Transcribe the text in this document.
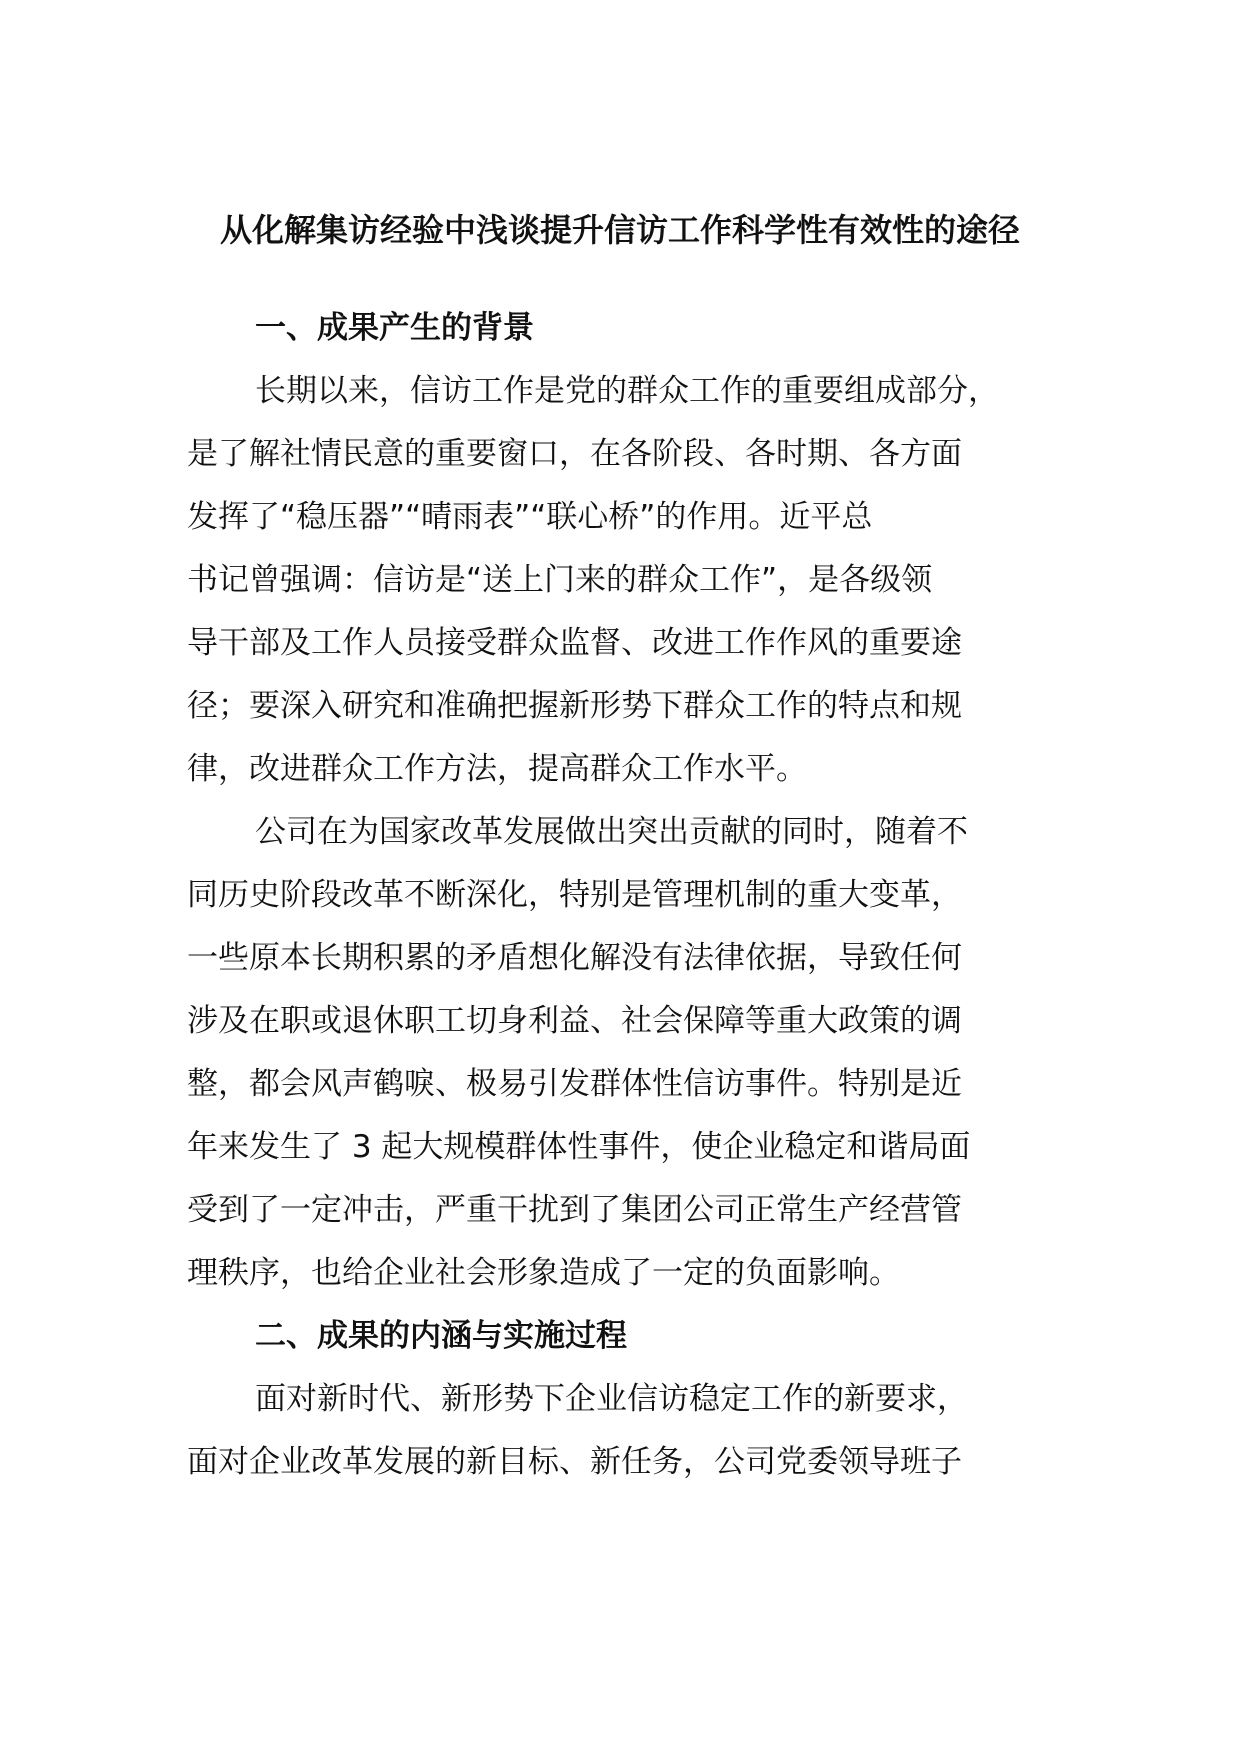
从化解集访经验中浅谈提升信访工作科学性有效性的途径
一、成果产生的背景
长期以来，信访工作是党的群众工作的重要组成部分，
是了解社情民意的重要窗口，在各阶段、各时期、各方面
发挥了“稳压器”“晴雨表”“联心桥”的作用。近平总
书记曾强调：信访是“送上门来的群众工作”，是各级领
导干部及工作人员接受群众监督、改进工作作风的重要途
径；要深入研究和准确把握新形势下群众工作的特点和规
律，改进群众工作方法，提高群众工作水平。
公司在为国家改革发展做出突出贡献的同时，随着不
同历史阶段改革不断深化，特别是管理机制的重大变革，
一些原本长期积累的矛盾想化解没有法律依据，导致任何
涉及在职或退休职工切身利益、社会保障等重大政策的调
整，都会风声鹤唳、极易引发群体性信访事件。特别是近
年来发生了 3 起大规模群体性事件，使企业稳定和谐局面
受到了一定冲击，严重干扰到了集团公司正常生产经营管
理秩序，也给企业社会形象造成了一定的负面影响。
二、成果的内涵与实施过程
面对新时代、新形势下企业信访稳定工作的新要求，
面对企业改革发展的新目标、新任务，公司党委领导班子
